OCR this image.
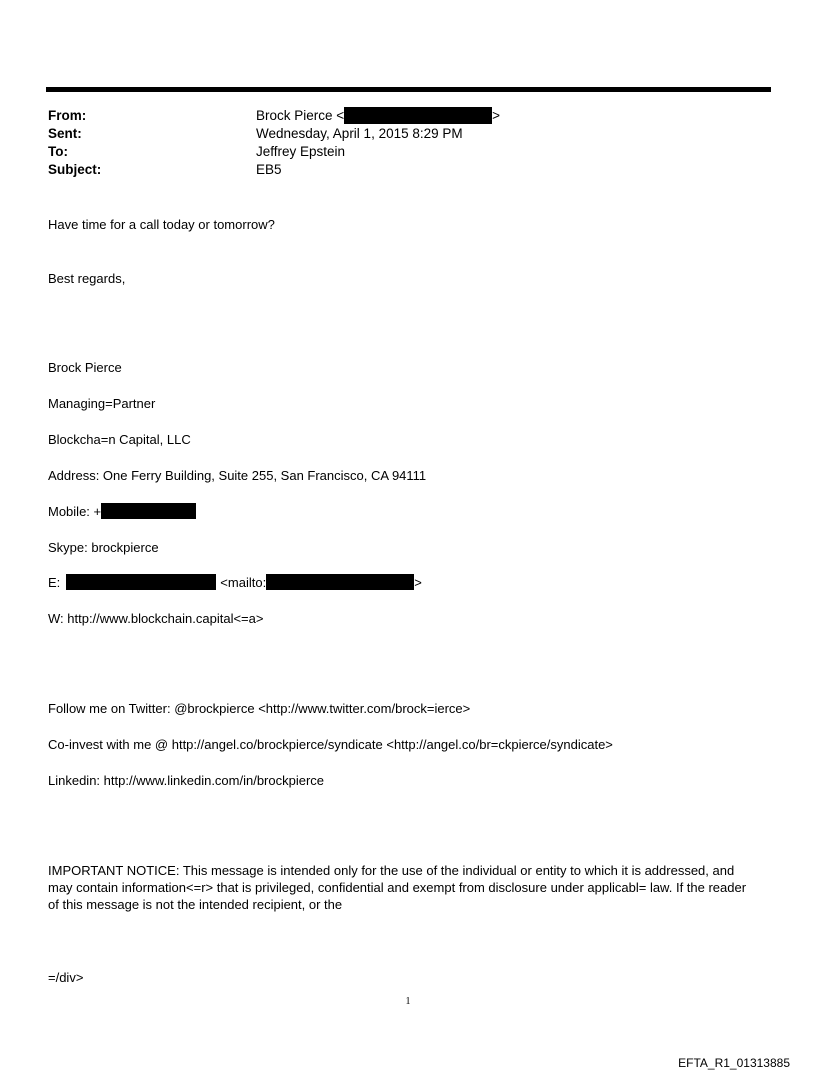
From:	Brock Pierce <	>
Sent:	Wednesday, April 1, 2015 8:29 PM
To:	Jeffrey Epstein
Subject:	EB5
Have time for a call today or tomorrow?
Best regards,
Brock Pierce
Managing=Partner
Blockcha=n Capital, LLC
Address: One Ferry Building, Suite 255, San Francisco, CA 94111
Mobile: +
Skype: brockpierce
E:	<mailto:	>
W: http://www.blockchain.capital<=a>
Follow me on Twitter: @brockpierce <http://www.twitter.com/brock=ierce>
Co-invest with me @ http://angel.co/brockpierce/syndicate <http://angel.co/br=ckpierce/syndicate>
Linkedin: http://www.linkedin.com/in/brockpierce
IMPORTANT NOTICE: This message is intended only for the use of the individual or entity to which it is addressed, and may contain information<=r> that is privileged, confidential and exempt from disclosure under applicabl= law. If the reader of this message is not the intended recipient, or the
=/div>
1
EFTA_R1_01313885
